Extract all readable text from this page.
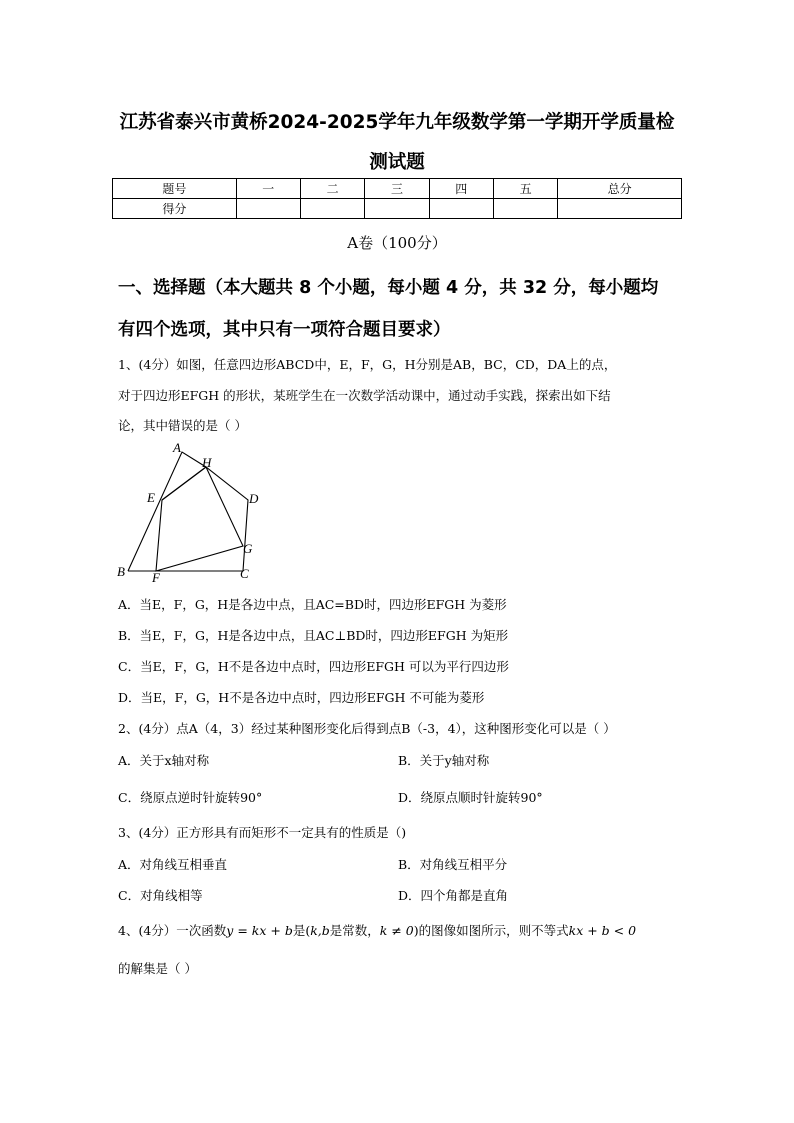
江苏省泰兴市黄桥2024-2025学年九年级数学第一学期开学质量检
测试题
题号	一	二	三	四	五	总分
得分						
A卷（100分）
一、选择题（本大题共 8 个小题，每小题 4 分，共 32 分，每小题均
有四个选项，其中只有一项符合题目要求）
1、(4分）如图，任意四边形ABCD中，E，F，G，H分别是AB，BC，CD，DA上的点，
对于四边形EFGH 的形状，某班学生在一次数学活动课中，通过动手实践，探索出如下结
论，其中错误的是（ ）
A
H
E	D
G
B F	C
A．当E，F，G，H是各边中点，且AC=BD时，四边形EFGH 为菱形
B．当E，F，G，H是各边中点，且AC⊥BD时，四边形EFGH 为矩形
C．当E，F，G，H不是各边中点时，四边形EFGH 可以为平行四边形
D．当E，F，G，H不是各边中点时，四边形EFGH 不可能为菱形
2、(4分）点A（4，3）经过某种图形变化后得到点B（-3，4），这种图形变化可以是（ ）
A．关于x轴对称	B．关于y轴对称
C．绕原点逆时针旋转90°	D．绕原点顺时针旋转90°
3、(4分）正方形具有而矩形不一定具有的性质是（)
A．对角线互相垂直	B．对角线互相平分
C．对角线相等	D．四个角都是直角
4、(4分）一次函数y = kx + b是(k,b是常数，k ≠ 0)的图像如图所示，则不等式kx + b < 0
的解集是（ ）
